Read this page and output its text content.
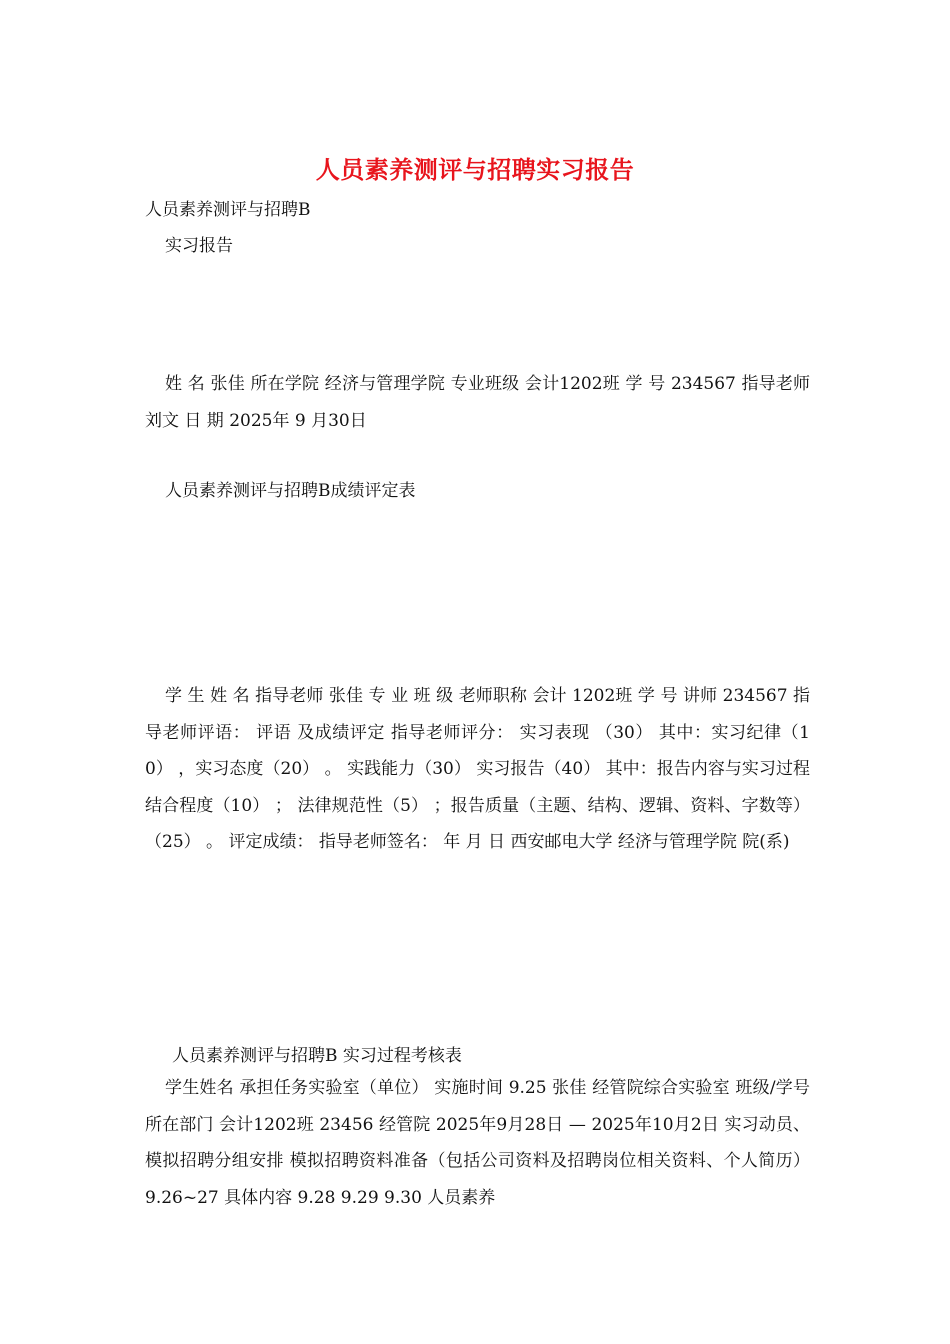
人员素养测评与招聘实习报告
人员素养测评与招聘B
实习报告
姓 名 张佳 所在学院 经济与管理学院 专业班级 会计1202班 学 号 234567 指导老师 刘文 日 期 2025年 9 月30日
人员素养测评与招聘B成绩评定表
学 生 姓 名 指导老师 张佳 专 业 班 级 老师职称 会计 1202班 学 号 讲师 234567 指导老师评语： 评语 及成绩评定 指导老师评分： 实习表现 （30） 其中：实习纪律（10） ，实习态度（20） 。 实践能力（30） 实习报告（40） 其中：报告内容与实习过程结合程度（10） ； 法律规范性（5） ；报告质量（主题、结构、逻辑、资料、字数等）（25） 。 评定成绩： 指导老师签名： 年 月 日 西安邮电大学 经济与管理学院 院(系)
人员素养测评与招聘B 实习过程考核表
学生姓名 承担任务实验室（单位） 实施时间 9.25 张佳 经管院综合实验室 班级/学号 所在部门 会计1202班 23456 经管院 2025年9月28日 — 2025年10月2日 实习动员、模拟招聘分组安排 模拟招聘资料准备（包括公司资料及招聘岗位相关资料、个人简历） 9.26~27 具体内容 9.28 9.29 9.30 人员素养
